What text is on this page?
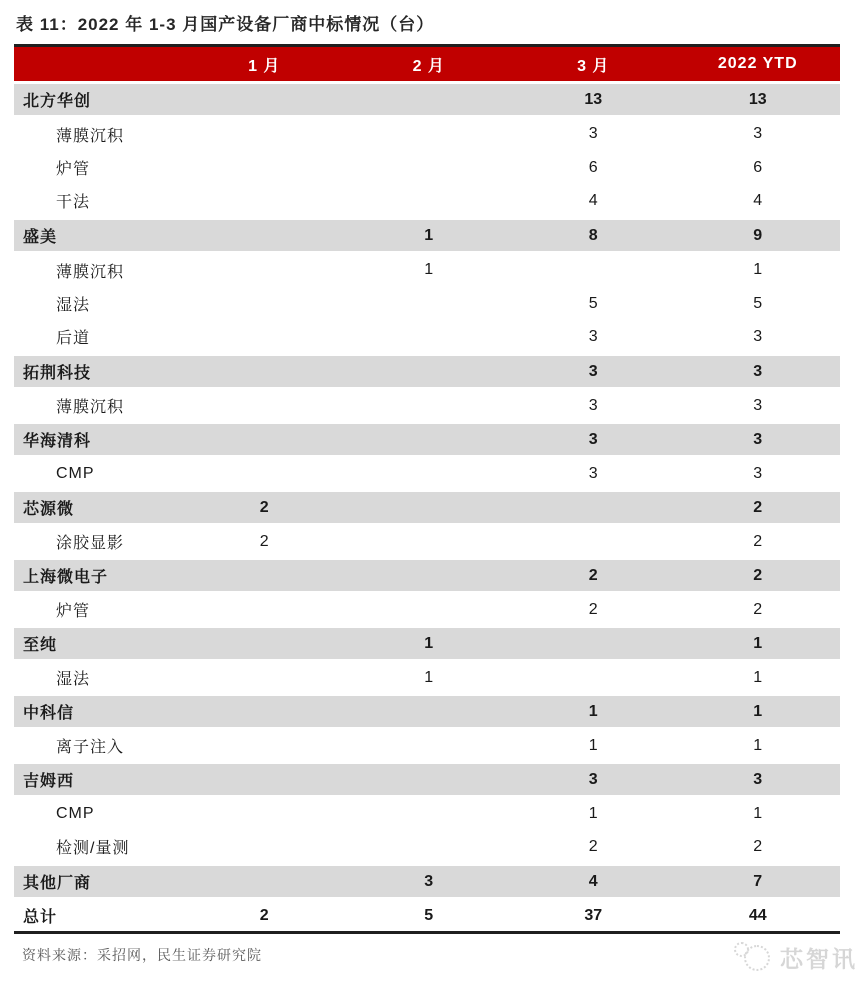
表 11：2022 年 1-3 月国产设备厂商中标情况（台）
	1 月	2 月	3 月	2022 YTD
北方华创			13	13
薄膜沉积			3	3
炉管			6	6
干法			4	4
盛美		1	8	9
薄膜沉积		1		1
湿法			5	5
后道			3	3
拓荆科技			3	3
薄膜沉积			3	3
华海清科			3	3
CMP			3	3
芯源微	2			2
涂胶显影	2			2
上海微电子			2	2
炉管			2	2
至纯		1		1
湿法		1		1
中科信			1	1
离子注入			1	1
吉姆西			3	3
CMP			1	1
检测/量测			2	2
其他厂商		3	4	7
总计	2	5	37	44
资料来源：采招网，民生证券研究院	芯智讯
